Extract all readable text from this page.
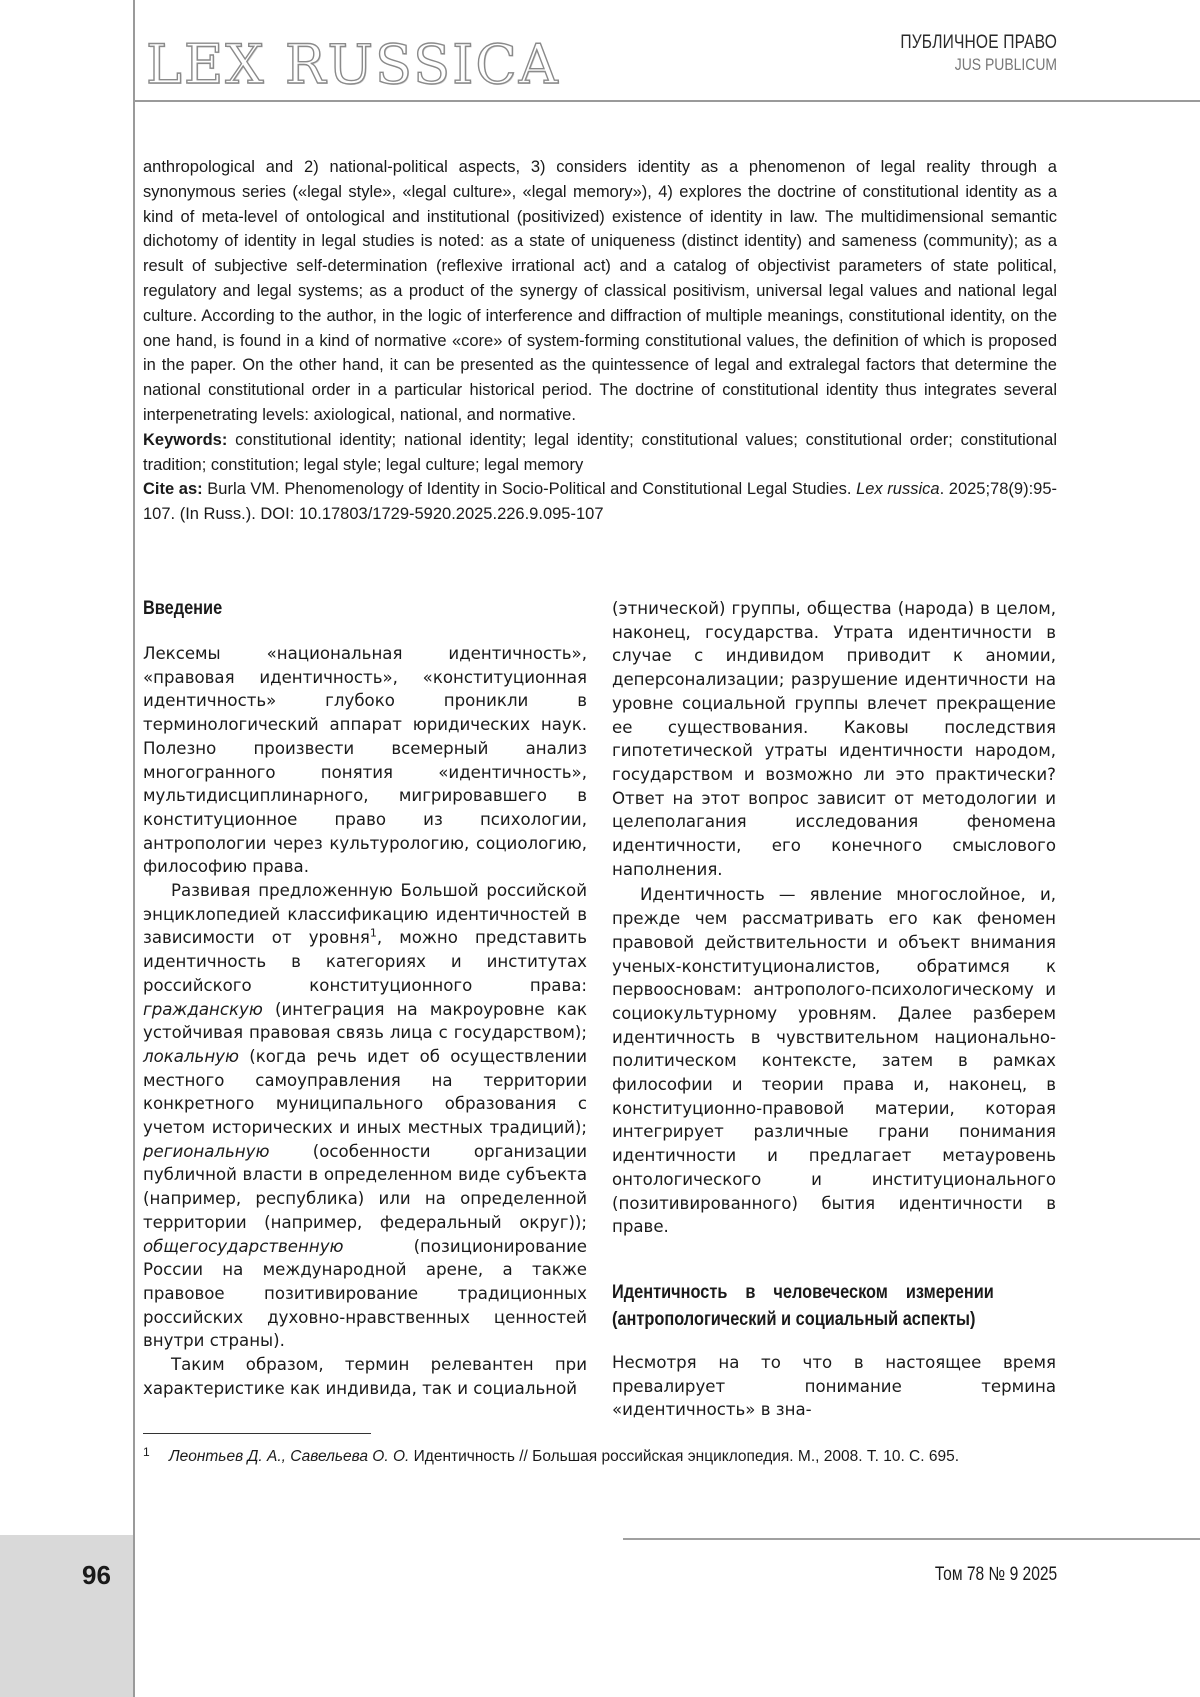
LEX RUSSICA	ПУБЛИЧНОЕ ПРАВО
JUS PUBLICUM

anthropological and 2) national-political aspects, 3) considers identity as a phenomenon of legal reality through a synonymous series («legal style», «legal culture», «legal memory»), 4) explores the doctrine of constitutional identity as a kind of meta-level of ontological and institutional (positivized) existence of identity in law. The multidimensional semantic dichotomy of identity in legal studies is noted: as a state of uniqueness (distinct identity) and sameness (community); as a result of subjective self-determination (reflexive irrational act) and a catalog of objectivist parameters of state political, regulatory and legal systems; as a product of the synergy of classical positivism, universal legal values and national legal culture. According to the author, in the logic of interference and diffraction of multiple meanings, constitutional identity, on the one hand, is found in a kind of normative «core» of system-forming constitutional values, the definition of which is proposed in the paper. On the other hand, it can be presented as the quintessence of legal and extralegal factors that determine the national constitutional order in a particular historical period. The doctrine of constitutional identity thus integrates several interpenetrating levels: axiological, national, and normative.

Keywords: constitutional identity; national identity; legal identity; constitutional values; constitutional order; constitutional tradition; constitution; legal style; legal culture; legal memory

Cite as: Burla VM. Phenomenology of Identity in Socio-Political and Constitutional Legal Studies. Lex russica. 2025;78(9):95-107. (In Russ.). DOI: 10.17803/1729-5920.2025.226.9.095-107

Введение

Лексемы «национальная идентичность», «правовая идентичность», «конституционная идентичность» глубоко проникли в терминологический аппарат юридических наук. Полезно произвести всемерный анализ многогранного понятия «идентичность», мультидисциплинарного, мигрировавшего в конституционное право из психологии, антропологии через культурологию, социологию, философию права.

Развивая предложенную Большой российской энциклопедией классификацию идентичностей в зависимости от уровня$^1$, можно представить идентичность в категориях и институтах российского конституционного права: гражданскую (интеграция на макроуровне как устойчивая правовая связь лица с государством); локальную (когда речь идет об осуществлении местного самоуправления на территории конкретного муниципального образования с учетом исторических и иных местных традиций); региональную (особенности организации публичной власти в определенном виде субъекта (например, республика) или на определенной территории (например, федеральный округ)); общегосударственную (позиционирование России на международной арене, а также правовое позитивирование традиционных российских духовно-нравственных ценностей внутри страны).

Таким образом, термин релевантен при характеристике как индивида, так и социальной

(этнической) группы, общества (народа) в целом, наконец, государства. Утрата идентичности в случае с индивидом приводит к аномии, деперсонализации; разрушение идентичности на уровне социальной группы влечет прекращение ее существования. Каковы последствия гипотетической утраты идентичности народом, государством и возможно ли это практически? Ответ на этот вопрос зависит от методологии и целеполагания исследования феномена идентичности, его конечного смыслового наполнения.

Идентичность — явление многослойное, и, прежде чем рассматривать его как феномен правовой действительности и объект внимания ученых-конституционалистов, обратимся к первоосновам: антрополого-психологическому и социокультурному уровням. Далее разберем идентичность в чувствительном национально-политическом контексте, затем в рамках философии и теории права и, наконец, в конституционно-правовой материи, которая интегрирует различные грани понимания идентичности и предлагает метауровень онтологического и институционального (позитивированного) бытия идентичности в праве.

Идентичность в человеческом измерении (антропологический и социальный аспекты)

Несмотря на то что в настоящее время превалирует понимание термина «идентичность» в зна-

1 Леонтьев Д. А., Савельева О. О. Идентичность // Большая российская энциклопедия. М., 2008. Т. 10. С. 695.
96	Том 78 № 9 2025
